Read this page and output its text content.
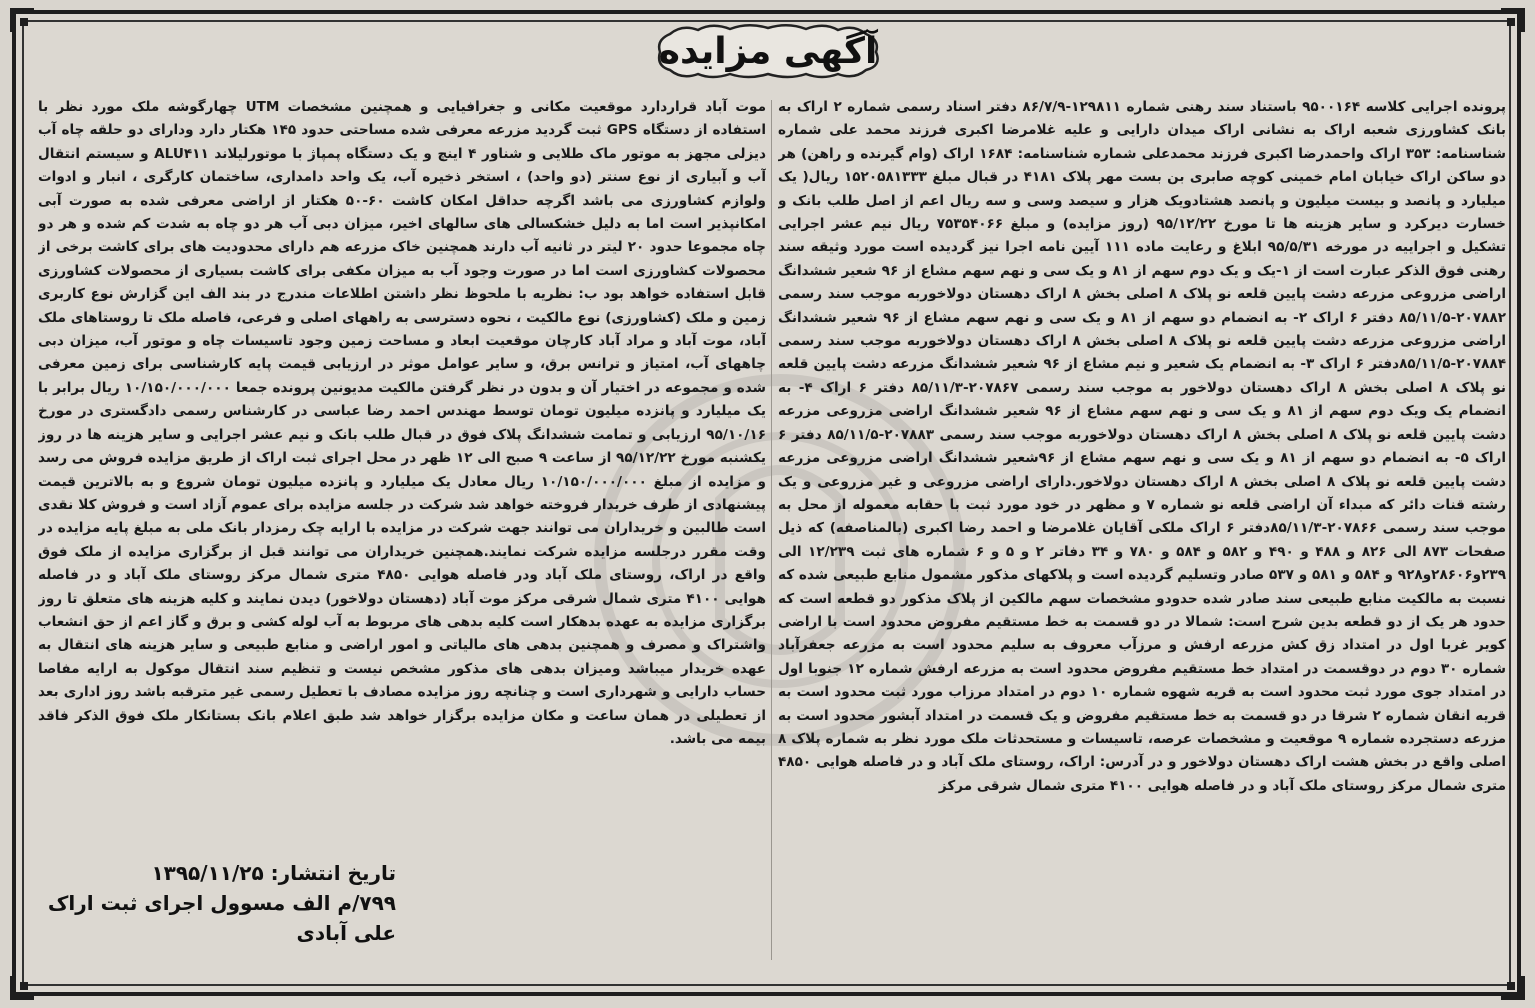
آگهی مزایده
پرونده اجرایی کلاسه ۹۵۰۰۱۶۴ باستناد سند رهنی شماره ۱۲۹۸۱۱-۸۶/۷/۹ دفتر اسناد رسمی شماره ۲ اراک به بانک کشاورزی شعبه اراک به نشانی اراک میدان دارایی و علیه غلامرضا اکبری فرزند محمد علی شماره شناسنامه: ۳۵۳ اراک واحمدرضا اکبری فرزند محمدعلی شماره شناسنامه: ۱۶۸۴ اراک (وام گیرنده و راهن) هر دو ساکن اراک خیابان امام خمینی کوچه صابری بن بست مهر پلاک ۴۱۸۱ در قبال مبلغ ۱۵۲۰۵۸۱۳۳۳ ریال( یک میلیارد و پانصد و بیست میلیون و پانصد هشتادویک هزار و سیصد وسی و سه ریال اعم از اصل طلب بانک و خسارت دیرکرد و سایر هزینه ها تا مورخ ۹۵/۱۲/۲۲ (روز مزایده) و مبلغ ۷۵۳۵۴۰۶۶ ریال نیم عشر اجرایی تشکیل و اجراییه در مورخه ۹۵/۵/۳۱ ابلاغ و رعایت ماده ۱۱۱ آیین نامه اجرا نیز گردیده است مورد وثیقه سند رهنی فوق الذکر عبارت است از ۱-یک و یک دوم سهم از ۸۱ و یک سی و نهم سهم مشاع از ۹۶ شعیر ششدانگ اراضی مزروعی مزرعه دشت پایین قلعه نو پلاک ۸ اصلی بخش ۸ اراک دهستان دولاخوربه موجب سند رسمی ۲۰۷۸۸۲-۸۵/۱۱/۵ دفتر ۶ اراک ۲- به انضمام دو سهم از ۸۱ و یک سی و نهم سهم مشاع از ۹۶ شعیر ششدانگ اراضی مزروعی مزرعه دشت پایین قلعه نو پلاک ۸ اصلی بخش ۸ اراک دهستان دولاخوربه موجب سند رسمی ۲۰۷۸۸۴-۸۵/۱۱/۵دفتر ۶ اراک ۳- به انضمام یک شعیر و نیم مشاع از ۹۶ شعیر ششدانگ مزرعه دشت پایین قلعه نو پلاک ۸ اصلی بخش ۸ اراک دهستان دولاخور به موجب سند رسمی ۲۰۷۸۶۷-۸۵/۱۱/۳ دفتر ۶ اراک ۴- به انضمام یک ویک دوم سهم از ۸۱ و یک سی و نهم سهم مشاع از ۹۶ شعیر ششدانگ اراضی مزروعی مزرعه دشت پایین قلعه نو پلاک ۸ اصلی بخش ۸ اراک دهستان دولاخوربه موجب سند رسمی ۲۰۷۸۸۳-۸۵/۱۱/۵ دفتر ۶ اراک ۵- به انضمام دو سهم از ۸۱ و یک سی و نهم سهم مشاع از ۹۶شعیر ششدانگ اراضی مزروعی مزرعه دشت پایین قلعه نو پلاک ۸ اصلی بخش ۸ اراک دهستان دولاخور.دارای اراضی مزروعی و غیر مزروعی و یک رشته قنات دائر که مبداء آن اراضی قلعه نو شماره ۷ و مظهر در خود مورد ثبت با حقابه معموله از محل به موجب سند رسمی ۲۰۷۸۶۶-۸۵/۱۱/۳دفتر ۶ اراک ملکی آقایان غلامرضا و احمد رضا اکبری (بالمناصفه) که ذیل صفحات ۸۷۳ الی ۸۲۶ و ۴۸۸ و ۴۹۰ و ۵۸۲ و ۵۸۴ و ۷۸۰ و ۳۴ دفاتر ۲ و ۵ و ۶ شماره های ثبت ۱۲/۲۳۹ الی ۲۳۹و۲۸۶۰۶و۹۲۸ و ۵۸۴ و ۵۸۱ و ۵۳۷ صادر وتسلیم گردیده است و پلاکهای مذکور مشمول منابع طبیعی شده که نسبت به مالکیت منابع طبیعی سند صادر شده حدودو مشخصات سهم مالکین از پلاک مذکور دو قطعه است که حدود هر یک از دو قطعه بدین شرح است: شمالا در دو قسمت به خط مستقیم مفروض محدود است با اراضی کویر غربا اول در امتداد زق کش مزرعه ارفش و مرزآب معروف به سلیم محدود است به مزرعه جعفرآباد شماره ۳۰ دوم در دوقسمت در امتداد خط مستقیم مفروض محدود است به مزرعه ارفش شماره ۱۲ جنوبا اول در امتداد جوی مورد ثبت محدود است به قریه شهوه شماره ۱۰ دوم در امتداد مرزاب مورد ثبت محدود است به قریه انقان شماره ۲ شرقا در دو قسمت به خط مستقیم مفروض و یک قسمت در امتداد آبشور محدود است به مزرعه دستجرده شماره ۹ موقعیت و مشخصات عرصه، تاسیسات و مستحدثات ملک مورد نظر به شماره پلاک ۸ اصلی واقع در بخش هشت اراک دهستان دولاخور و در آدرس: اراک، روستای ملک آباد و در فاصله هوایی ۴۸۵۰ متری شمال مرکز روستای ملک آباد و در فاصله هوایی ۴۱۰۰ متری شمال شرقی مرکز
موت آباد قراردارد موقعیت مکانی و جغرافیایی و همچنین مشخصات UTM چهارگوشه ملک مورد نظر با استفاده از دستگاه GPS ثبت گردید مزرعه معرفی شده مساحتی حدود ۱۴۵ هکتار دارد ودارای دو حلقه چاه آب دیزلی مجهز به موتور ماک طلایی و شناور ۴ اینچ و یک دستگاه پمپاژ با موتورلیلاند ALU۴۱۱ و سیستم انتقال آب و آبیاری از نوع سنتر (دو واحد) ، استخر ذخیره آب، یک واحد دامداری، ساختمان کارگری ، انبار و ادوات ولوازم کشاورزی می باشد اگرچه حداقل امکان کاشت ۶۰-۵۰ هکتار از اراضی معرفی شده به صورت آبی امکانپذیر است اما به دلیل خشکسالی های سالهای اخیر، میزان دبی آب هر دو چاه به شدت کم شده و هر دو چاه مجموعا حدود ۲۰ لیتر در ثانیه آب دارند همچنین خاک مزرعه هم دارای محدودیت های برای کاشت برخی از محصولات کشاورزی است اما در صورت وجود آب به میزان مکفی برای کاشت بسیاری از محصولات کشاورزی قابل استفاده خواهد بود ب: نظریه با ملحوظ نظر داشتن اطلاعات مندرج در بند الف این گزارش نوع کاربری زمین و ملک (کشاورزی) نوع مالکیت ، نحوه دسترسی به راههای اصلی و فرعی، فاصله ملک تا روستاهای ملک آباد، موت آباد و مراد آباد کارچان موقعیت ابعاد و مساحت زمین وجود تاسیسات چاه و موتور آب، میزان دبی چاههای آب، امتیاز و ترانس برق، و سایر عوامل موثر در ارزیابی قیمت پایه کارشناسی برای زمین معرفی شده و مجموعه در اختیار آن و بدون در نظر گرفتن مالکیت مدیونین پرونده جمعا ۱۰/۱۵۰/۰۰۰/۰۰۰ ریال برابر با یک میلیارد و پانزده میلیون تومان توسط مهندس احمد رضا عباسی در کارشناس رسمی دادگستری در مورخ ۹۵/۱۰/۱۶ ارزیابی و تمامت ششدانگ پلاک فوق در قبال طلب بانک و نیم عشر اجرایی و سایر هزینه ها در روز یکشنبه مورخ ۹۵/۱۲/۲۲ از ساعت ۹ صبح الی ۱۲ ظهر در محل اجرای ثبت اراک از طریق مزایده فروش می رسد و مزایده از مبلغ ۱۰/۱۵۰/۰۰۰/۰۰۰ ریال معادل یک میلیارد و پانزده میلیون تومان شروع و به بالاترین قیمت پیشنهادی از طرف خریدار فروخته خواهد شد شرکت در جلسه مزایده برای عموم آزاد است و فروش کلا نقدی است طالبین و خریداران می توانند جهت شرکت در مزایده با ارایه چک رمزدار بانک ملی به مبلغ پایه مزایده در وقت مقرر درجلسه مزایده شرکت نمایند.همچنین خریداران می توانند قبل از برگزاری مزایده از ملک فوق واقع در اراک، روستای ملک آباد ودر فاصله هوایی ۴۸۵۰ متری شمال مرکز روستای ملک آباد و در فاصله هوایی ۴۱۰۰ متری شمال شرقی مرکز موت آباد (دهستان دولاخور) دیدن نمایند و کلیه هزینه های متعلق تا روز برگزاری مزایده به عهده بدهکار است کلیه بدهی های مربوط به آب لوله کشی و برق و گاز اعم از حق انشعاب واشتراک و مصرف و همچنین بدهی های مالیاتی و امور اراضی و منابع طبیعی و سایر هزینه های انتقال به عهده خریدار میباشد ومیزان بدهی های مذکور مشخص نیست و تنظیم سند انتقال موکول به ارایه مفاصا حساب دارایی و شهرداری است و چنانچه روز مزایده مصادف با تعطیل رسمی غیر مترقبه باشد روز اداری بعد از تعطیلی در همان ساعت و مکان مزایده برگزار خواهد شد طبق اعلام بانک بستانکار ملک فوق الذکر فاقد بیمه می باشد.
تاریخ انتشار: ۱۳۹۵/۱۱/۲۵
۷۹۹/م الف مسوول اجرای ثبت اراک
علی آبادی
